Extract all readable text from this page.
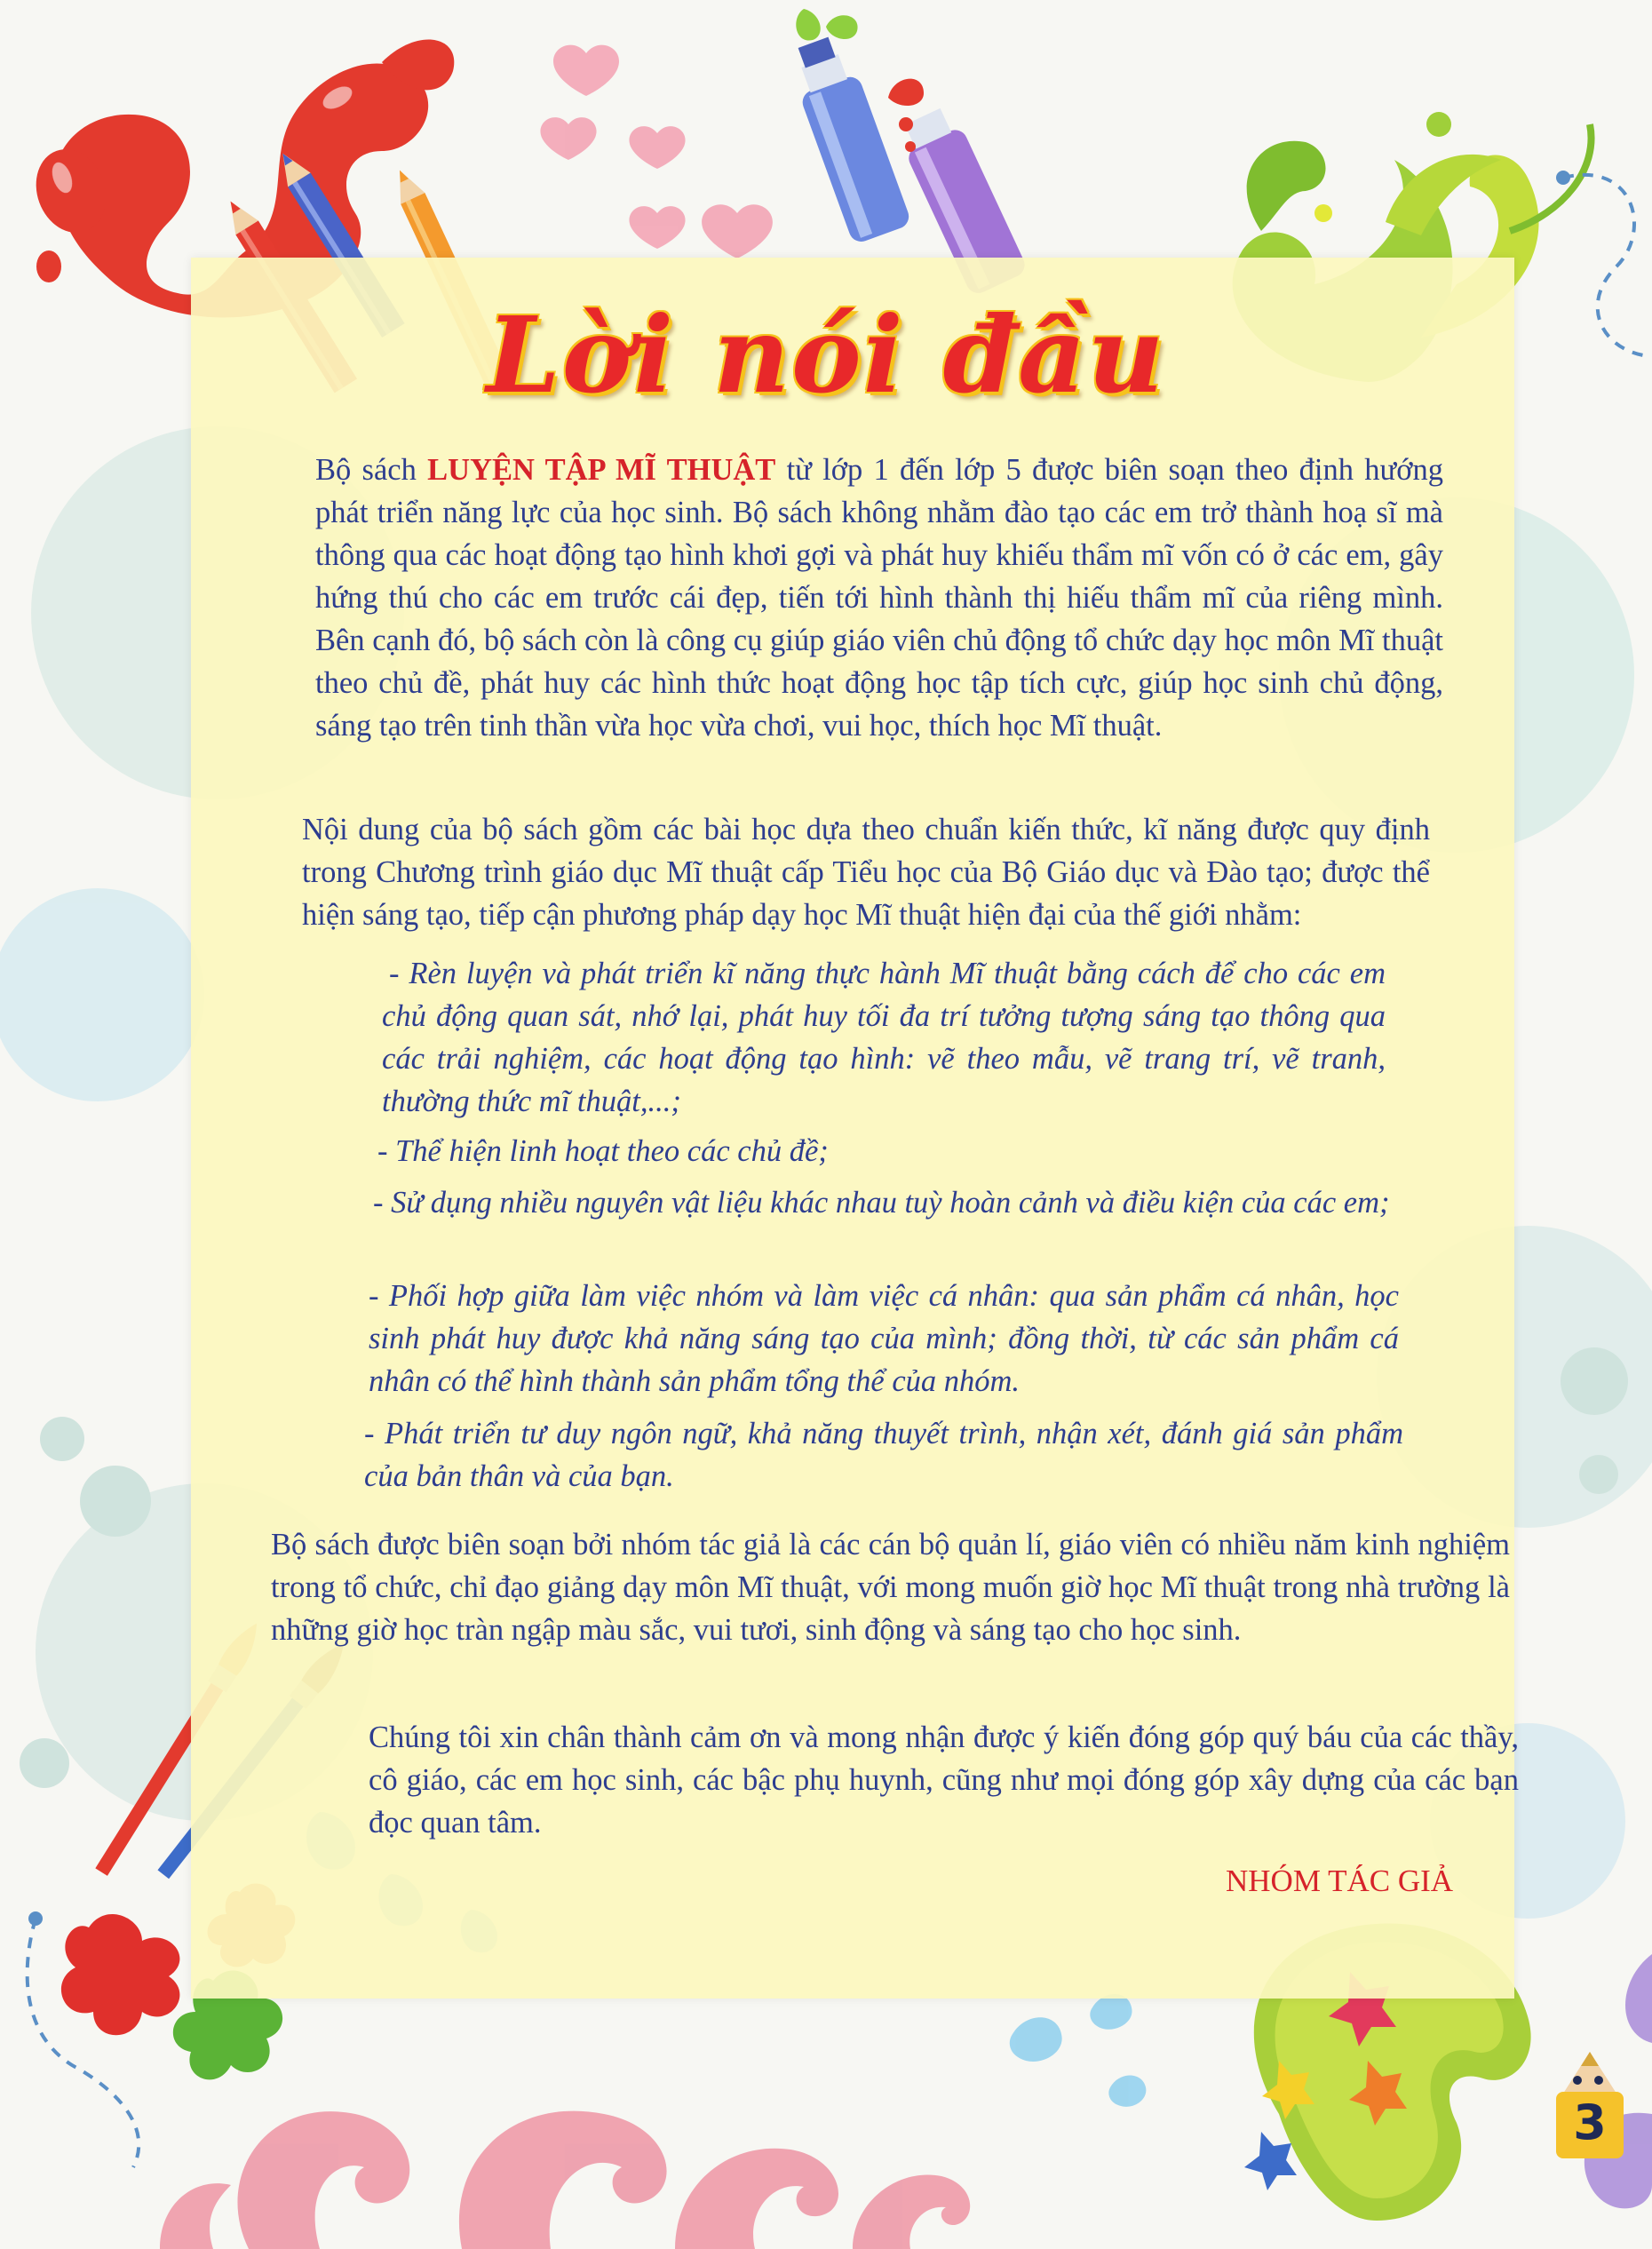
Lời nói đầu

Bộ sách LUYỆN TẬP MĨ THUẬT từ lớp 1 đến lớp 5 được biên soạn theo định hướng phát triển năng lực của học sinh. Bộ sách không nhằm đào tạo các em trở thành hoạ sĩ mà thông qua các hoạt động tạo hình khơi gợi và phát huy khiếu thẩm mĩ vốn có ở các em, gây hứng thú cho các em trước cái đẹp, tiến tới hình thành thị hiếu thẩm mĩ của riêng mình. Bên cạnh đó, bộ sách còn là công cụ giúp giáo viên chủ động tổ chức dạy học môn Mĩ thuật theo chủ đề, phát huy các hình thức hoạt động học tập tích cực, giúp học sinh chủ động, sáng tạo trên tinh thần vừa học vừa chơi, vui học, thích học Mĩ thuật.

Nội dung của bộ sách gồm các bài học dựa theo chuẩn kiến thức, kĩ năng được quy định trong Chương trình giáo dục Mĩ thuật cấp Tiểu học của Bộ Giáo dục và Đào tạo; được thể hiện sáng tạo, tiếp cận phương pháp dạy học Mĩ thuật hiện đại của thế giới nhằm:

- Rèn luyện và phát triển kĩ năng thực hành Mĩ thuật bằng cách để cho các em chủ động quan sát, nhớ lại, phát huy tối đa trí tưởng tượng sáng tạo thông qua các trải nghiệm, các hoạt động tạo hình: vẽ theo mẫu, vẽ trang trí, vẽ tranh, thường thức mĩ thuật,...;

- Thể hiện linh hoạt theo các chủ đề;

- Sử dụng nhiều nguyên vật liệu khác nhau tuỳ hoàn cảnh và điều kiện của các em;

- Phối hợp giữa làm việc nhóm và làm việc cá nhân: qua sản phẩm cá nhân, học sinh phát huy được khả năng sáng tạo của mình; đồng thời, từ các sản phẩm cá nhân có thể hình thành sản phẩm tổng thể của nhóm.

- Phát triển tư duy ngôn ngữ, khả năng thuyết trình, nhận xét, đánh giá sản phẩm của bản thân và của bạn.

Bộ sách được biên soạn bởi nhóm tác giả là các cán bộ quản lí, giáo viên có nhiều năm kinh nghiệm trong tổ chức, chỉ đạo giảng dạy môn Mĩ thuật, với mong muốn giờ học Mĩ thuật trong nhà trường là những giờ học tràn ngập màu sắc, vui tươi, sinh động và sáng tạo cho học sinh.

Chúng tôi xin chân thành cảm ơn và mong nhận được ý kiến đóng góp quý báu của các thầy, cô giáo, các em học sinh, các bậc phụ huynh, cũng như mọi đóng góp xây dựng của các bạn đọc quan tâm.

NHÓM TÁC GIẢ
3
